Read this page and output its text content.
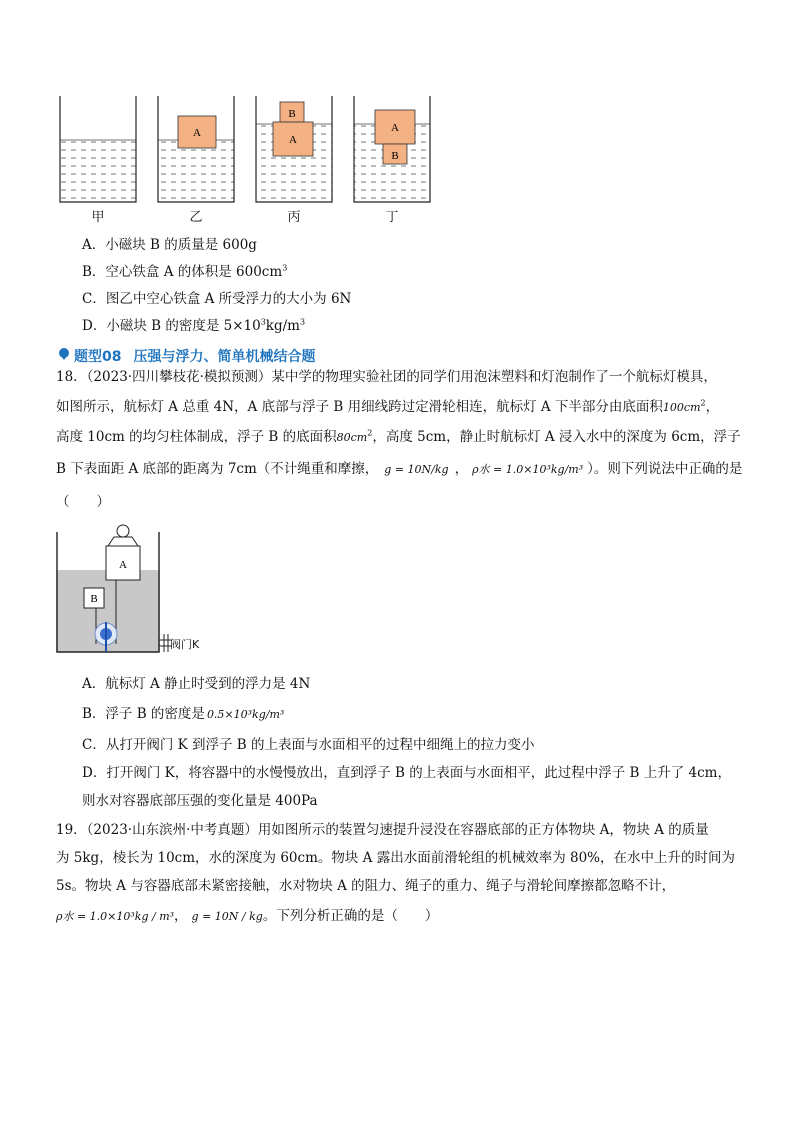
A
B
A
A
B
甲	乙	丙	丁
A．小磁块 B 的质量是 600g
B．空心铁盒 A 的体积是 $600cm^3$
C．图乙中空心铁盒 A 所受浮力的大小为 6N
D．小磁块 B 的密度是 $5\times 10^3kg/m^3$
题型08 压强与浮力、简单机械结合题
18．（2023·四川攀枝花·模拟预测）某中学的物理实验社团的同学们用泡沫塑料和灯泡制作了一个航标灯模具，
如图所示，航标灯 A 总重 4N，A 底部与浮子 B 用细线跨过定滑轮相连，航标灯 A 下半部分由底面积$100cm^2$，
高度 10cm 的均匀柱体制成，浮子 B 的底面积$80cm^2$，高度 5cm，静止时航标灯 A 浸入水中的深度为 6cm，浮子
B 下表面距 A 底部的距离为 7cm（不计绳重和摩擦， g = 10N/kg ， ρ水 = 1.0×10³kg/m³ ）。则下列说法中正确的是
（　　）
A
B
阀门K
A．航标灯 A 静止时受到的浮力是 4N
B．浮子 B 的密度是 0.5×10³kg/m³
C．从打开阀门 K 到浮子 B 的上表面与水面相平的过程中细绳上的拉力变小
D．打开阀门 K，将容器中的水慢慢放出，直到浮子 B 的上表面与水面相平，此过程中浮子 B 上升了 4cm，
则水对容器底部压强的变化量是 400Pa
19．（2023·山东滨州·中考真题）用如图所示的装置匀速提升浸没在容器底部的正方体物块 A，物块 A 的质量
为 5kg，棱长为 10cm，水的深度为 60cm。物块 A 露出水面前滑轮组的机械效率为 80%，在水中上升的时间为
5s。物块 A 与容器底部未紧密接触，水对物块 A 的阻力、绳子的重力、绳子与滑轮间摩擦都忽略不计，
ρ水 = 1.0×10³kg / m³， g = 10N / kg。下列分析正确的是（　　）
